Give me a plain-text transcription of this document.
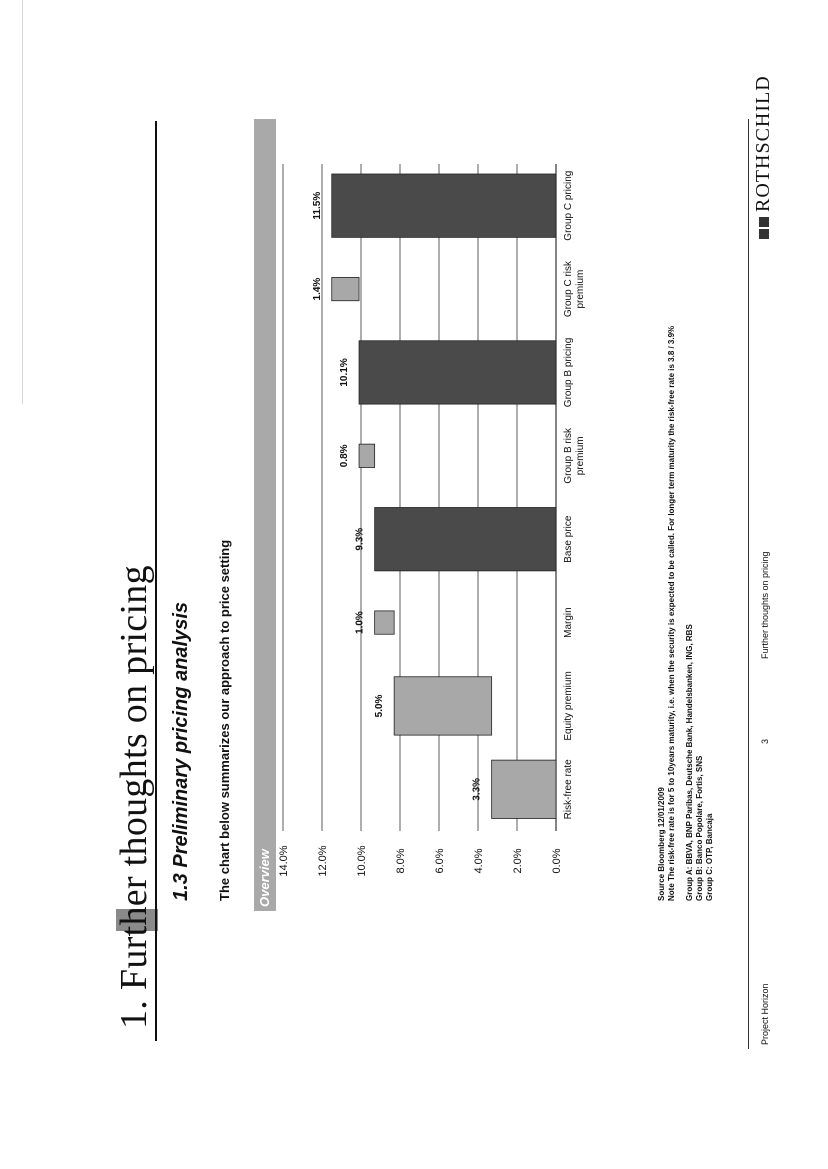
1. Further thoughts on pricing 1.3 Preliminary pricing analysis The chart below summarizes our approach to price setting Overview	0.0%
2.0%
4.0%
6.0%
8.0%
10.0%
12.0%
14.0%
3.3%
5.0%
1.0%
9.3%
0.8%
10.1%
1.4%
11.5%
Risk-free rate
Equity premium
Margin
Base price
Group B risk premium
Group B pricing
Group C risk premium
Group C pricing
Source Bloomberg 12/01/2009 Note The risk-free rate is for 5 to 10years maturity, i.e. when the security is expected to be called. For longer term maturity the risk-free rate is 3.8 / 3.9% Group A: BBVA, BNP Paribas, Deutsche Bank, Handelsbanken, ING, RBS Group B: Banco Popolare, Fortis, SNS Group C: OTP, Bancaja
Project Horizon
3
Further thoughts on pricing
ROTHSCHILD
